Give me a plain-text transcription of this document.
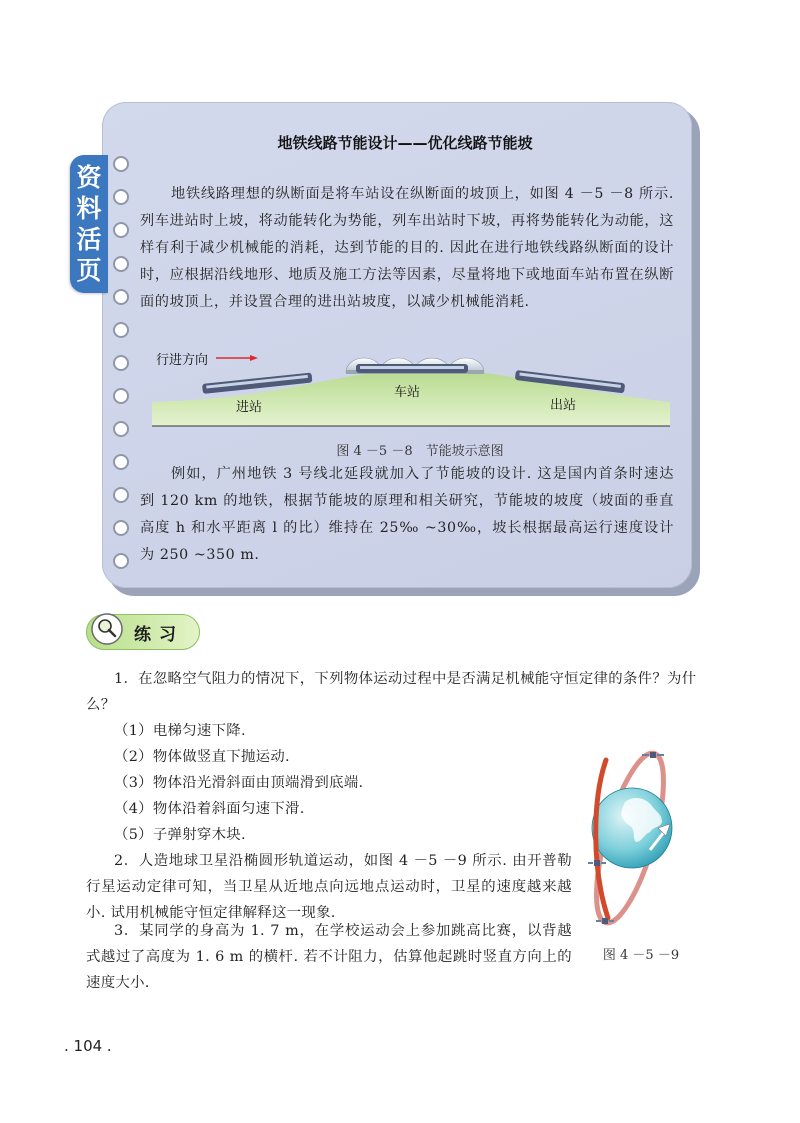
资
料
活
页
地铁线路节能设计——优化线路节能坡
地铁线路理想的纵断面是将车站设在纵断面的坡顶上，如图 4 －5 －8 所示. 列车进站时上坡，将动能转化为势能，列车出站时下坡，再将势能转化为动能，这样有利于减少机械能的消耗，达到节能的目的. 因此在进行地铁线路纵断面的设计时，应根据沿线地形、地质及施工方法等因素，尽量将地下或地面车站布置在纵断面的坡顶上，并设置合理的进出站坡度，以减少机械能消耗.
行进方向
进站
车站
出站
图 4 －5 －8　节能坡示意图
例如，广州地铁 3 号线北延段就加入了节能坡的设计. 这是国内首条时速达到 120 km 的地铁，根据节能坡的原理和相关研究，节能坡的坡度（坡面的垂直高度 h 和水平距离 l 的比）维持在 25‰ ~30‰，坡长根据最高运行速度设计为 250 ~350 m.
练习
1．在忽略空气阻力的情况下，下列物体运动过程中是否满足机械能守恒定律的条件？为什么？
（1）电梯匀速下降.
（2）物体做竖直下抛运动.
（3）物体沿光滑斜面由顶端滑到底端.
（4）物体沿着斜面匀速下滑.
（5）子弹射穿木块.
2．人造地球卫星沿椭圆形轨道运动，如图 4 －5 －9 所示. 由开普勒行星运动定律可知，当卫星从近地点向远地点运动时，卫星的速度越来越小. 试用机械能守恒定律解释这一现象.
3．某同学的身高为 1. 7 m，在学校运动会上参加跳高比赛，以背越式越过了高度为 1. 6 m 的横杆. 若不计阻力，估算他起跳时竖直方向上的速度大小.
图 4 －5 －9
. 104 .
